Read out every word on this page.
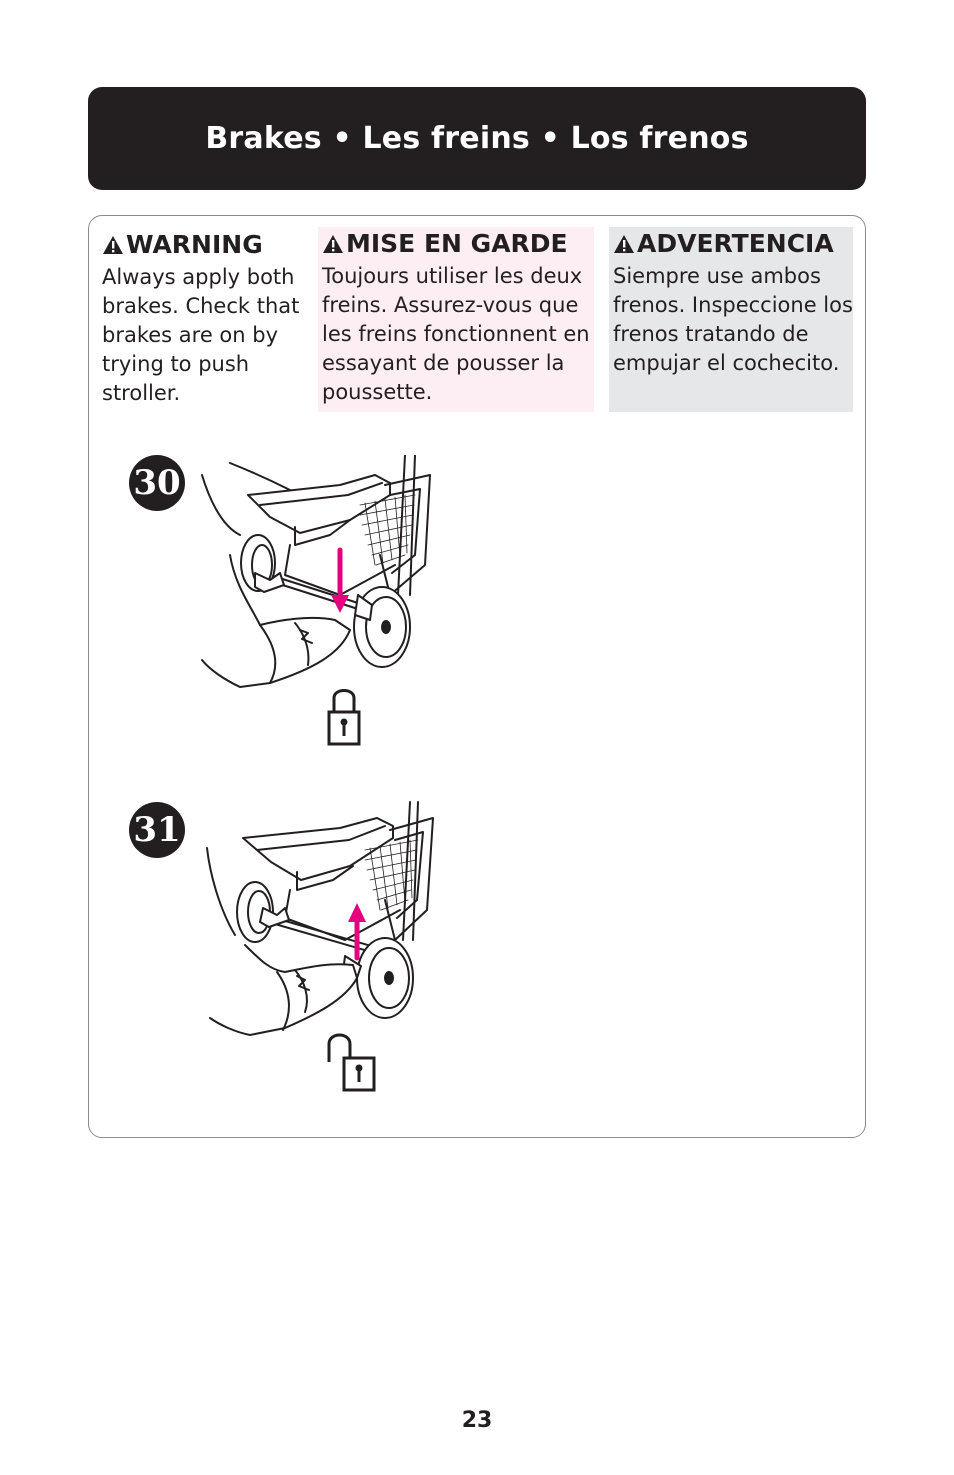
Brakes • Les freins • Los frenos
WARNING

Always apply both brakes. Check that brakes are on by trying to push stroller.

MISE EN GARDE

Toujours utiliser les deux freins. Assurez-vous que les freins fonctionnent en essayant de pousser la poussette.

ADVERTENCIA

Siempre use ambos frenos. Inspeccione los frenos tratando de empujar el cochecito.

30
31
23
